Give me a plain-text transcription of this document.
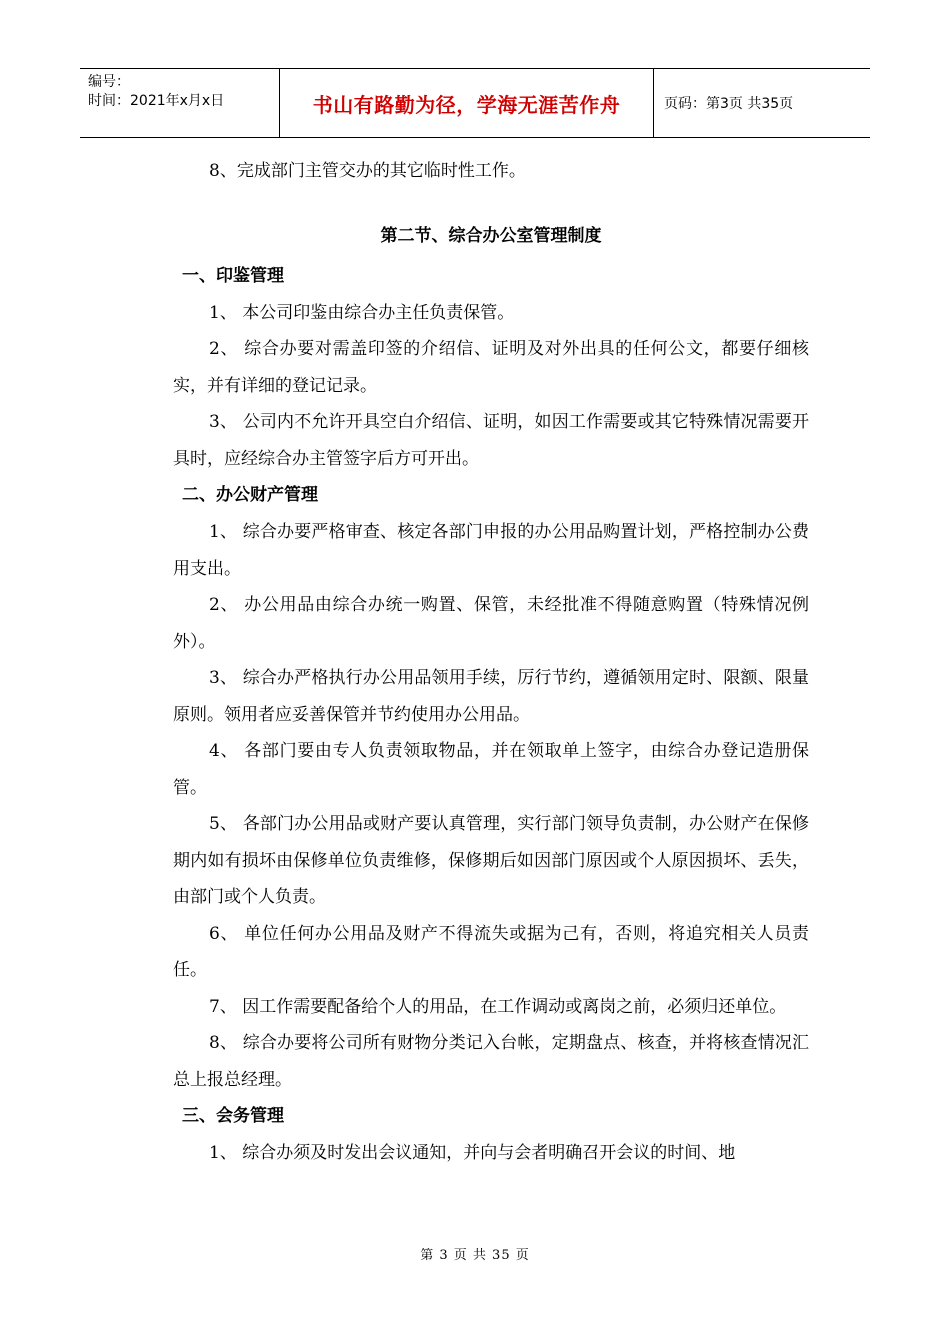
编号：
时间：2021年x月x日	书山有路勤为径，学海无涯苦作舟	页码：第3页 共35页

8、完成部门主管交办的其它临时性工作。

第二节、综合办公室管理制度
一、印鉴管理

1、 本公司印鉴由综合办主任负责保管。

2、 综合办要对需盖印签的介绍信、证明及对外出具的任何公文，都要仔细核实，并有详细的登记记录。

3、 公司内不允许开具空白介绍信、证明，如因工作需要或其它特殊情况需要开具时，应经综合办主管签字后方可开出。

二、办公财产管理

1、 综合办要严格审查、核定各部门申报的办公用品购置计划，严格控制办公费用支出。

2、 办公用品由综合办统一购置、保管，未经批准不得随意购置（特殊情况例外）。

3、 综合办严格执行办公用品领用手续，厉行节约，遵循领用定时、限额、限量原则。领用者应妥善保管并节约使用办公用品。

4、 各部门要由专人负责领取物品，并在领取单上签字，由综合办登记造册保管。

5、 各部门办公用品或财产要认真管理，实行部门领导负责制，办公财产在保修期内如有损坏由保修单位负责维修，保修期后如因部门原因或个人原因损坏、丢失，由部门或个人负责。

6、 单位任何办公用品及财产不得流失或据为己有，否则，将追究相关人员责任。

7、 因工作需要配备给个人的用品，在工作调动或离岗之前，必须归还单位。

8、 综合办要将公司所有财物分类记入台帐，定期盘点、核查，并将核查情况汇总上报总经理。

三、会务管理

1、 综合办须及时发出会议通知，并向与会者明确召开会议的时间、地

第 3 页 共 35 页
